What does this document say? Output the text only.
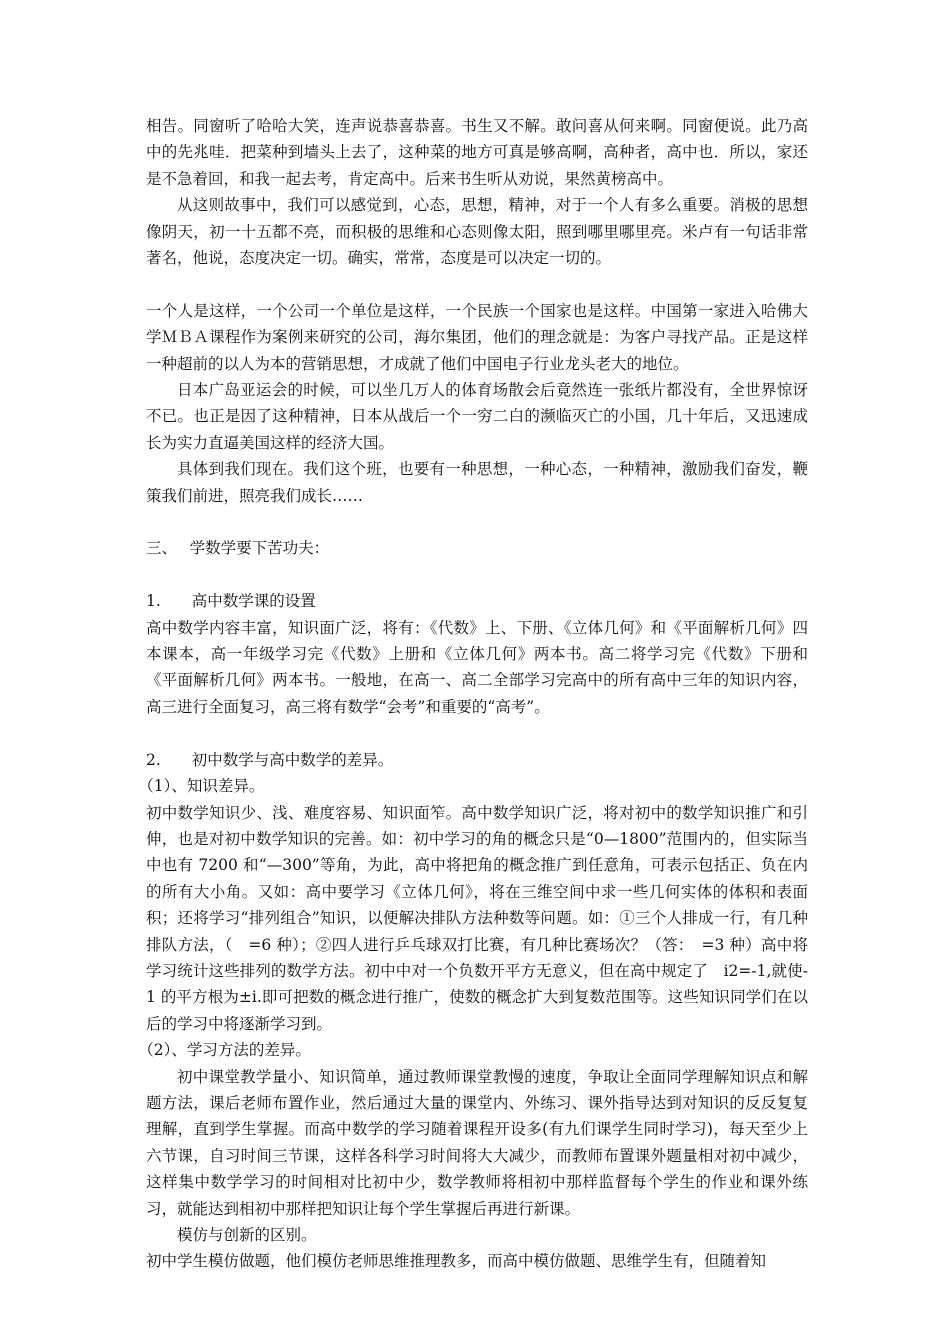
相告。同窗听了哈哈大笑，连声说恭喜恭喜。书生又不解。敢问喜从何来啊。同窗便说。此乃高中的先兆哇．把菜种到墙头上去了，这种菜的地方可真是够高啊，高种者，高中也．所以，家还是不急着回，和我一起去考，肯定高中。后来书生听从劝说，果然黄榜高中。

从这则故事中，我们可以感觉到，心态，思想，精神，对于一个人有多么重要。消极的思想像阴天，初一十五都不亮，而积极的思维和心态则像太阳，照到哪里哪里亮。米卢有一句话非常著名，他说，态度决定一切。确实，常常，态度是可以决定一切的。

一个人是这样，一个公司一个单位是这样，一个民族一个国家也是这样。中国第一家进入哈佛大学ＭＢＡ课程作为案例来研究的公司，海尔集团，他们的理念就是：为客户寻找产品。正是这样一种超前的以人为本的营销思想，才成就了他们中国电子行业龙头老大的地位。

日本广岛亚运会的时候，可以坐几万人的体育场散会后竟然连一张纸片都没有，全世界惊讶不已。也正是因了这种精神，日本从战后一个一穷二白的濒临灭亡的小国，几十年后，又迅速成长为实力直逼美国这样的经济大国。

具体到我们现在。我们这个班，也要有一种思想，一种心态，一种精神，激励我们奋发，鞭策我们前进，照亮我们成长……

三、　 学数学要下苦功夫：

1.　　高中数学课的设置

高中数学内容丰富，知识面广泛，将有：《代数》上、下册、《立体几何》和《平面解析几何》四本课本，高一年级学习完《代数》上册和《立体几何》两本书。高二将学习完《代数》下册和《平面解析几何》两本书。一般地，在高一、高二全部学习完高中的所有高中三年的知识内容，高三进行全面复习，高三将有数学“会考”和重要的“高考”。

2.　　初中数学与高中数学的差异。

（1）、知识差异。

初中数学知识少、浅、难度容易、知识面笮。高中数学知识广泛，将对初中的数学知识推广和引伸，也是对初中数学知识的完善。如：初中学习的角的概念只是“0—1800”范围内的，但实际当中也有 7200 和“—300”等角，为此，高中将把角的概念推广到任意角，可表示包括正、负在内的所有大小角。又如：高中要学习《立体几何》，将在三维空间中求一些几何实体的体积和表面积；还将学习“排列组合”知识，以便解决排队方法种数等问题。如：①三个人排成一行，有几种排队方法，（　=6 种）；②四人进行乒乓球双打比赛，有几种比赛场次？（答：　=3 种）高中将学习统计这些排列的数学方法。初中中对一个负数开平方无意义，但在高中规定了　i2=-1,就使-1 的平方根为±i.即可把数的概念进行推广，使数的概念扩大到复数范围等。这些知识同学们在以后的学习中将逐渐学习到。

（2）、学习方法的差异。

初中课堂教学量小、知识简单，通过教师课堂教慢的速度，争取让全面同学理解知识点和解题方法，课后老师布置作业，然后通过大量的课堂内、外练习、课外指导达到对知识的反反复复理解，直到学生掌握。而高中数学的学习随着课程开设多(有九们课学生同时学习)，每天至少上六节课，自习时间三节课，这样各科学习时间将大大减少，而教师布置课外题量相对初中减少，这样集中数学学习的时间相对比初中少，数学教师将相初中那样监督每个学生的作业和课外练习，就能达到相初中那样把知识让每个学生掌握后再进行新课。

模仿与创新的区别。

初中学生模仿做题，他们模仿老师思维推理教多，而高中模仿做题、思维学生有，但随着知
